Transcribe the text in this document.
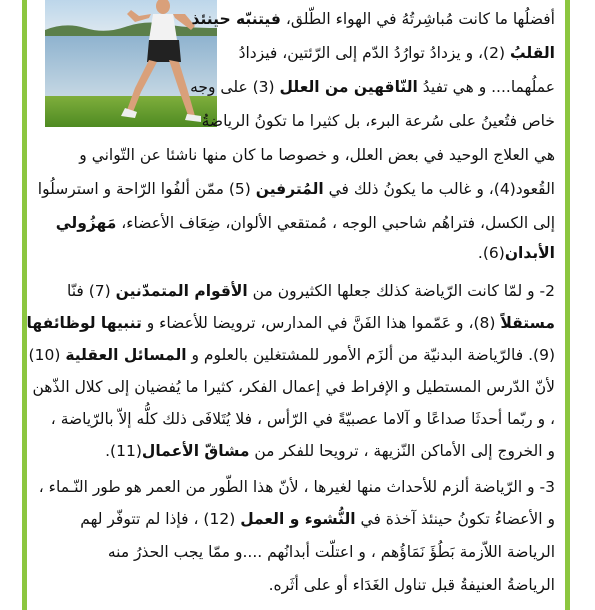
أفضلُها ما كانت مُباشِرتُهُ في الهواء الطّلق، فيتنبّه حينئذ
القلبُ (2)، و يزدادُ توارُدُ الدّم إلى الرّئتين، فيزدادُ
عملُهما.... و هي تفيدُ النّاقهين من العلل (3) على وجه
خاص فتُعينُ على سُرعة البرء، بل كثيرا ما تكونُ الرياضةُ
هي العلاج الوحيد في بعض العلل، و خصوصا ما كان منها ناشئا عن التّواني و
القُعود(4)، و غالب ما يكونُ ذلك في المُترفين (5) ممّن ألفُوا الرّاحة و استرسلُوا
إلى الكسل، فتراهُم شاحبي الوجه ، مُمتقعي الألوان، ضِعَاف الأعضاء، مَهزُولي
الأبدان(6).
2- و لمّا كانت الرّياضة كذلك جعلها الكثيرون من الأقوام المتمدّنين (7) فنّا
مستقلاً (8)، و عَمّموا هذا الفَنَّ في المدارس، ترويضا للأعضاء و تنبيها لوظائفها
(9). فالرّياضة البدنيّة من ألزَم الأمور للمشتغلين بالعلوم و المسائل العقلية (10)
لأنّ الدّرس المستطيل و الإفراط في إعمال الفكر، كثيرا ما يُفضيان إلى كلال الذّهن
، و ربّما أحدثَا صداعًا و آلاما عصبيّةً في الرّأس ، فلا يُتَلافَى ذلك كلُّه إلاّ بالرّياضة ،
و الخروج إلى الأماكن النّزيهة ، ترويحا للفكر من مشاقّ الأعمال(11).
3- و الرّياضة ألزم للأحداث منها لغيرها ، لأنّ هذا الطّور من العمر هو طور النّـماء ،
و الأعضاءُ تكونُ حينئذ آخذة في النُّشوء و العمل (12) ، فإذا لم تتوفّر لهم
الرياضة اللاّزمة بَطُؤَ نَمَاؤُهم ، و اعتلّت أبدانُهم ....و ممّا يجب الحذرُ منه
الرياضةُ العنيفةُ قبل تناول الغَدَاء أو على أثَره.
